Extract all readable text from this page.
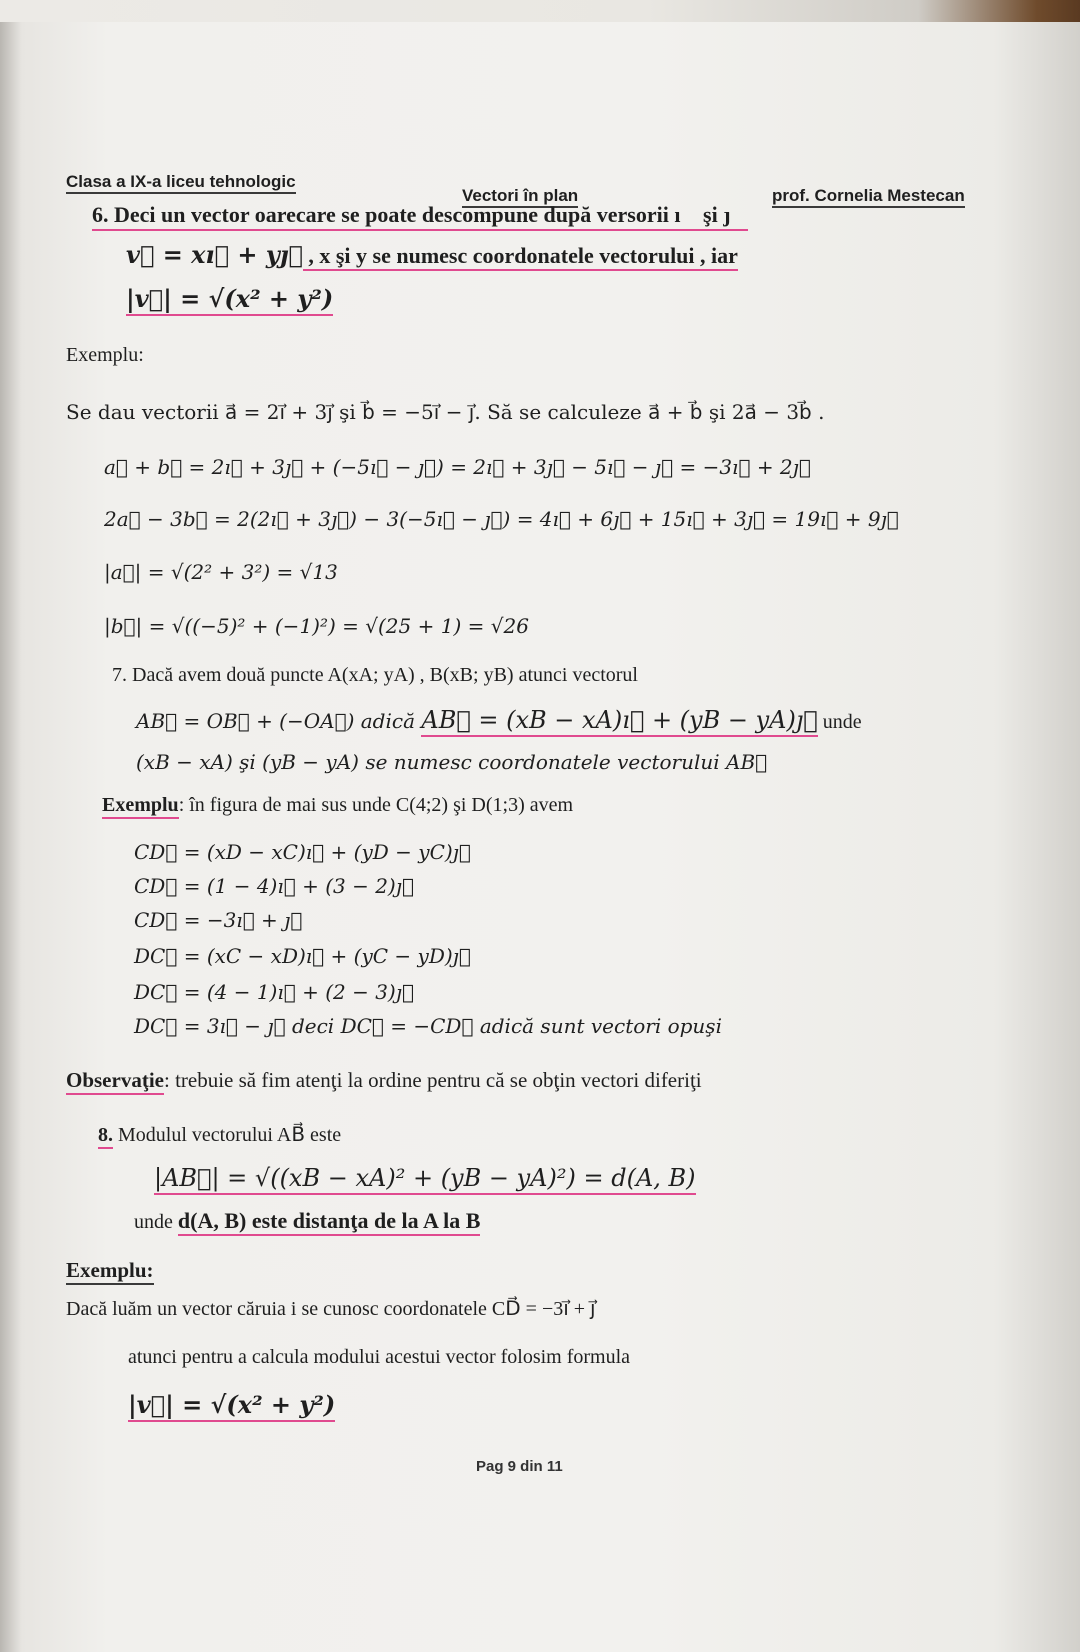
Clasa a IX-a liceu tehnologic
Vectori în plan	prof. Cornelia Mestecan
6. Deci un vector oarecare se poate descompune după versorii ı⃗ şi ȷ⃗
v⃗ = xı⃗ + yȷ⃗ , x şi y se numesc coordonatele vectorului , iar
|v⃗| = √(x² + y²)
Exemplu:
Se dau vectorii a⃗ = 2ı⃗ + 3ȷ⃗ şi b⃗ = −5ı⃗ − ȷ⃗. Să se calculeze a⃗ + b⃗ şi 2a⃗ − 3b⃗ .
a⃗ + b⃗ = 2ı⃗ + 3ȷ⃗ + (−5ı⃗ − ȷ⃗) = 2ı⃗ + 3ȷ⃗ − 5ı⃗ − ȷ⃗ = −3ı⃗ + 2ȷ⃗
2a⃗ − 3b⃗ = 2(2ı⃗ + 3ȷ⃗) − 3(−5ı⃗ − ȷ⃗) = 4ı⃗ + 6ȷ⃗ + 15ı⃗ + 3ȷ⃗ = 19ı⃗ + 9ȷ⃗
|a⃗| = √(2² + 3²) = √13
|b⃗| = √((−5)² + (−1)²) = √(25 + 1) = √26
7. Dacă avem două puncte A(xA; yA) , B(xB; yB) atunci vectorul
AB⃗ = OB⃗ + (−OA⃗) adică AB⃗ = (xB − xA)ı⃗ + (yB − yA)ȷ⃗ unde
(xB − xA) şi (yB − yA) se numesc coordonatele vectorului AB⃗
Exemplu: în figura de mai sus unde C(4;2) şi D(1;3) avem
CD⃗ = (xD − xC)ı⃗ + (yD − yC)ȷ⃗
CD⃗ = (1 − 4)ı⃗ + (3 − 2)ȷ⃗
CD⃗ = −3ı⃗ + ȷ⃗
DC⃗ = (xC − xD)ı⃗ + (yC − yD)ȷ⃗
DC⃗ = (4 − 1)ı⃗ + (2 − 3)ȷ⃗
DC⃗ = 3ı⃗ − ȷ⃗ deci DC⃗ = −CD⃗ adică sunt vectori opuşi
Observaţie: trebuie să fim atenţi la ordine pentru că se obţin vectori diferiţi
8. Modulul vectorului AB⃗ este
|AB⃗| = √((xB − xA)² + (yB − yA)²) = d(A, B)
unde d(A, B) este distanţa de la A la B
Exemplu:
Dacă luăm un vector căruia i se cunosc coordonatele CD⃗ = −3ı⃗ + ȷ⃗
atunci pentru a calcula modului acestui vector folosim formula
|v⃗| = √(x² + y²)
Pag 9 din 11
